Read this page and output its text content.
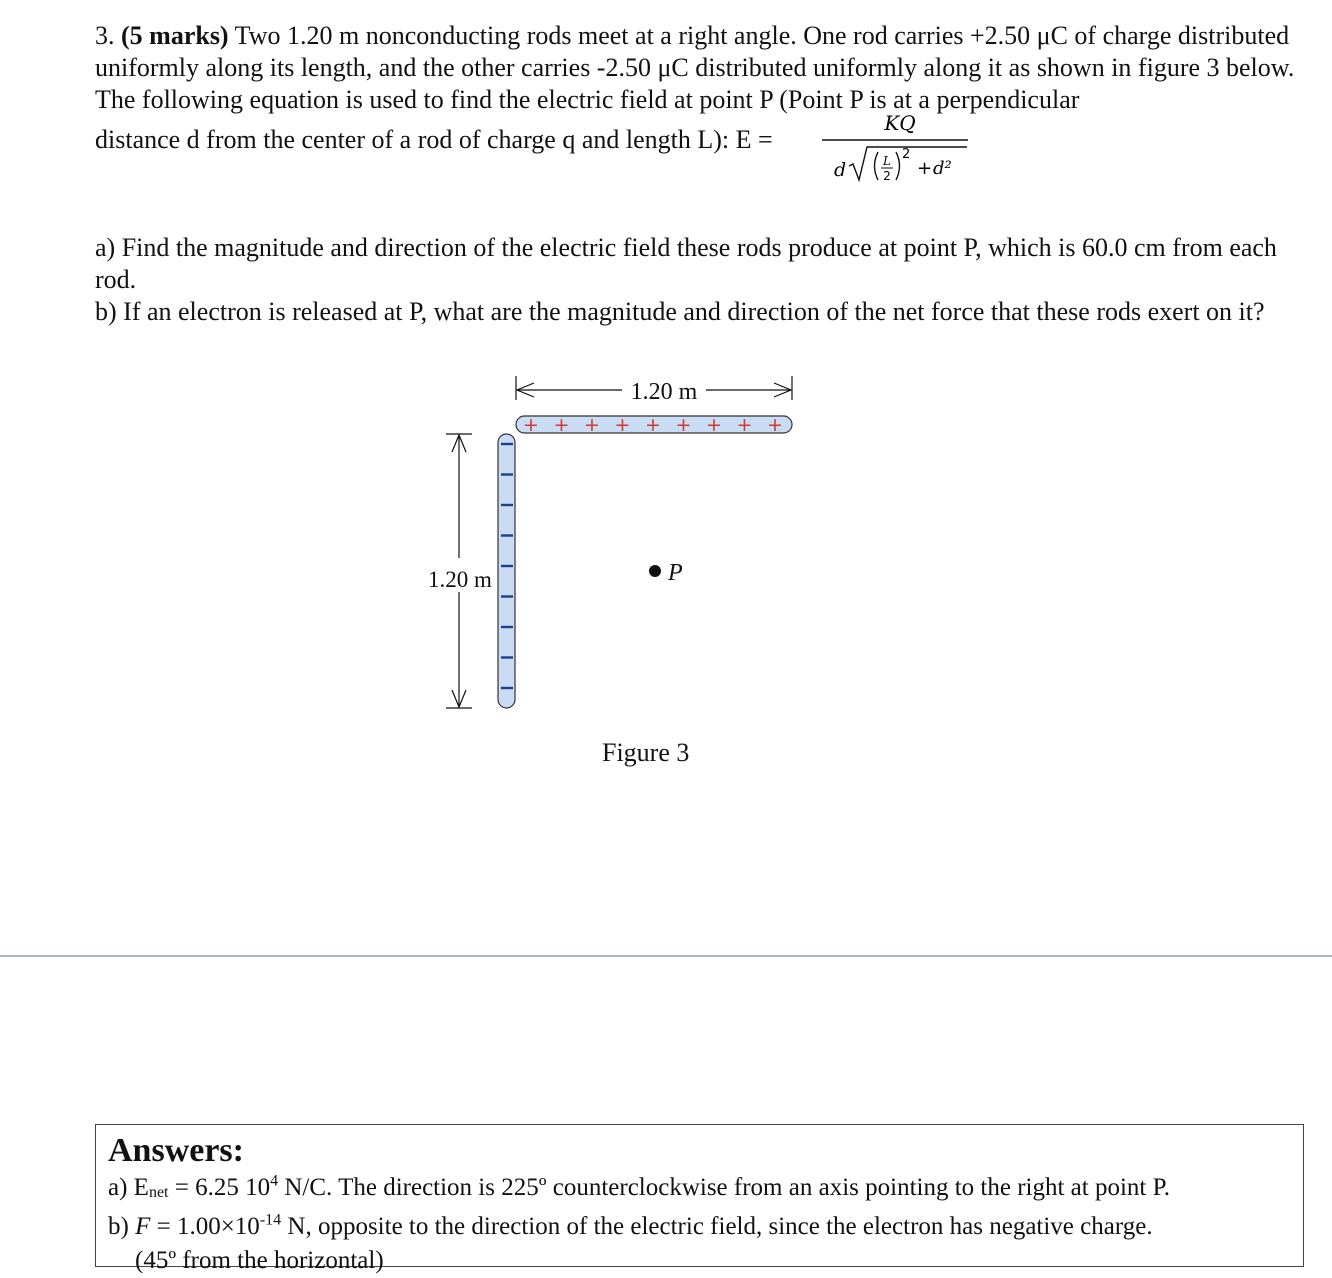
3. (5 marks) Two 1.20 m nonconducting rods meet at a right angle. One rod carries +2.50 μC of charge distributed uniformly along its length, and the other carries -2.50 μC distributed uniformly along it as shown in figure 3 below.

The following equation is used to find the electric field at point P (Point P is at a perpendicular

distance d from the center of a rod of charge q and length L): E =
KQ
d	L
2
2
+ d²

a) Find the magnitude and direction of the electric field these rods produce at point P, which is 60.0 cm from each rod.

b) If an electron is released at P, what are the magnitude and direction of the net force that these rods exert on it?

1.20 m
+ + + + + + + + +
1.20 m	P
Figure 3
Answers:

a) $E_{net} = 6.25$ $10^4$ N/C. The direction is 225º counterclockwise from an axis pointing to the right at point P.

b) $F = 1.00\times 10^{-14}$ N, opposite to the direction of the electric field, since the electron has negative charge.

(45º from the horizontal)
